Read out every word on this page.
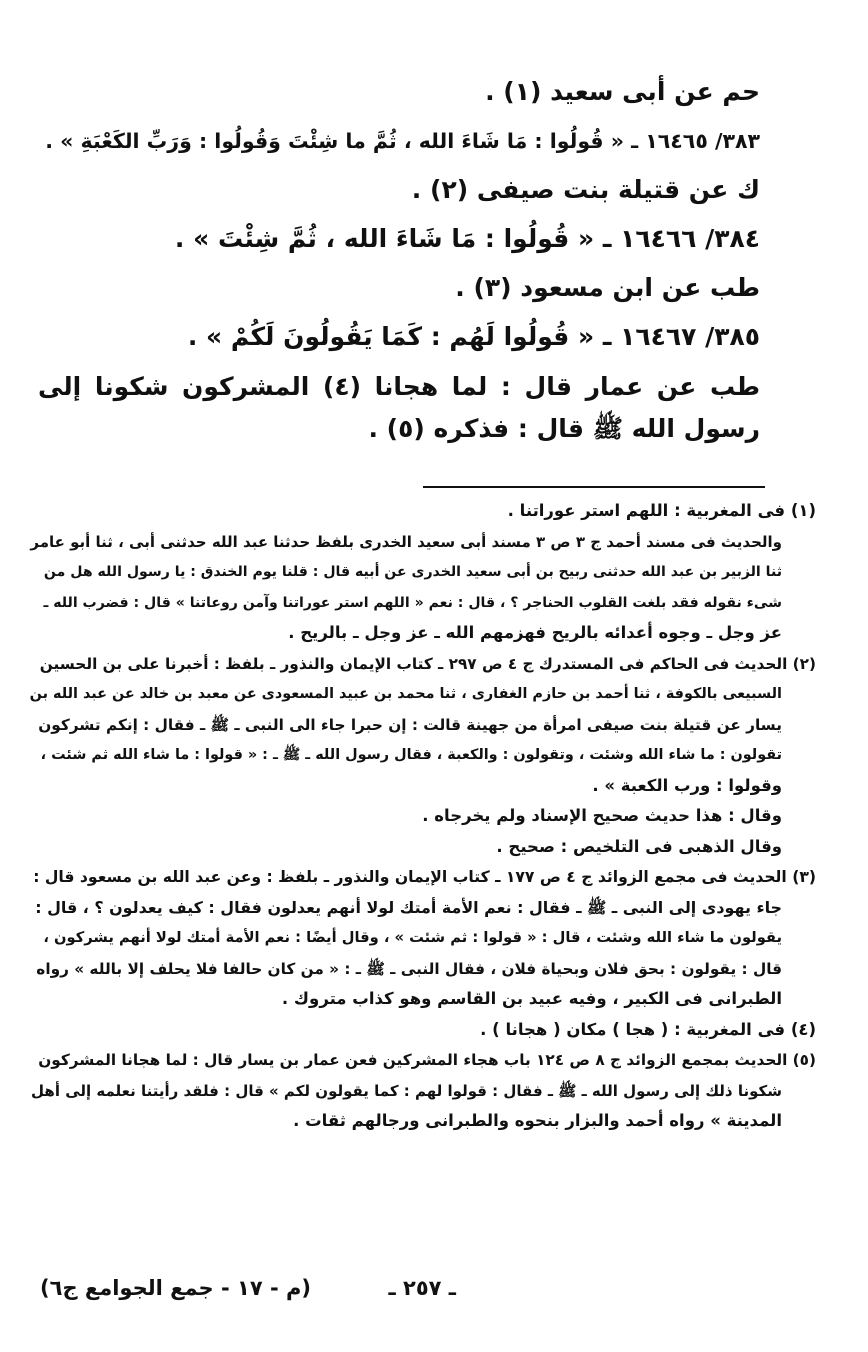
حم عن أبى سعيد (١) .

٣٨٣/ ١٦٤٦٥ ـ « قُولُوا : مَا شَاءَ الله ، ثُمَّ ما شِئْتَ وَقُولُوا : وَرَبِّ الكَعْبَةِ » .

ك عن قتيلة بنت صيفى (٢) .

٣٨٤/ ١٦٤٦٦ ـ « قُولُوا : مَا شَاءَ الله ، ثُمَّ شِئْتَ » .

طب عن ابن مسعود (٣) .

٣٨٥/ ١٦٤٦٧ ـ « قُولُوا لَهُم : كَمَا يَقُولُونَ لَكُمْ » .

طب عن عمار قال : لما هجانا (٤) المشركون شكونا إلى رسول الله ﷺ قال : فذكره (٥) .

(١) فى المغربية : اللهم استر عوراتنا .
والحديث فى مسند أحمد ج ٣ ص ٣ مسند أبى سعيد الخدرى بلفظ حدثنا عبد الله حدثنى أبى ، ثنا أبو عامر
ثنا الزبير بن عبد الله حدثنى ربيح بن أبى سعيد الخدرى عن أبيه قال : قلنا يوم الخندق : يا رسول الله هل من
شىء نقوله فقد بلغت القلوب الحناجر ؟ ، قال : نعم « اللهم استر عوراتنا وآمن روعاتنا » قال : فضرب الله ـ
عز وجل ـ وجوه أعدائه بالريح فهزمهم الله ـ عز وجل ـ بالريح .
(٢) الحديث فى الحاكم فى المستدرك ج ٤ ص ٢٩٧ ـ كتاب الإيمان والنذور ـ بلفظ : أخبرنا على بن الحسين
السبيعى بالكوفة ، ثنا أحمد بن حازم الغفارى ، ثنا محمد بن عبيد المسعودى عن معبد بن خالد عن عبد الله بن
يسار عن قتيلة بنت صيفى امرأة من جهينة قالت : إن حبرا جاء الى النبى ـ ﷺ ـ فقال : إنكم تشركون
تقولون : ما شاء الله وشئت ، وتقولون : والكعبة ، فقال رسول الله ـ ﷺ ـ : « قولوا : ما شاء الله ثم شئت ،
وقولوا : ورب الكعبة » .
وقال : هذا حديث صحيح الإسناد ولم يخرجاه .
وقال الذهبى فى التلخيص : صحيح .
(٣) الحديث فى مجمع الزوائد ج ٤ ص ١٧٧ ـ كتاب الإيمان والنذور ـ بلفظ : وعن عبد الله بن مسعود قال :
جاء يهودى إلى النبى ـ ﷺ ـ فقال : نعم الأمة أمتك لولا أنهم يعدلون فقال : كيف يعدلون ؟ ، قال :
يقولون ما شاء الله وشئت ، قال : « قولوا : ثم شئت » ، وقال أيضًا : نعم الأمة أمتك لولا أنهم يشركون ،
قال : يقولون : بحق فلان وبحياة فلان ، فقال النبى ـ ﷺ ـ : « من كان حالفا فلا يحلف إلا بالله » رواه
الطبرانى فى الكبير ، وفيه عبيد بن القاسم وهو كذاب متروك .
(٤) فى المغربية : ( هجا ) مكان ( هجانا ) .
(٥) الحديث بمجمع الزوائد ج ٨ ص ١٢٤ باب هجاء المشركين فعن عمار بن يسار قال : لما هجانا المشركون
شكونا ذلك إلى رسول الله ـ ﷺ ـ فقال : قولوا لهم : كما يقولون لكم » قال : فلقد رأيتنا نعلمه إلى أهل
المدينة » رواه أحمد والبزار بنحوه والطبرانى ورجالهم ثقات .
ـ ٢٥٧ ـ
(م - ١٧ - جمع الجوامع ج٦)
